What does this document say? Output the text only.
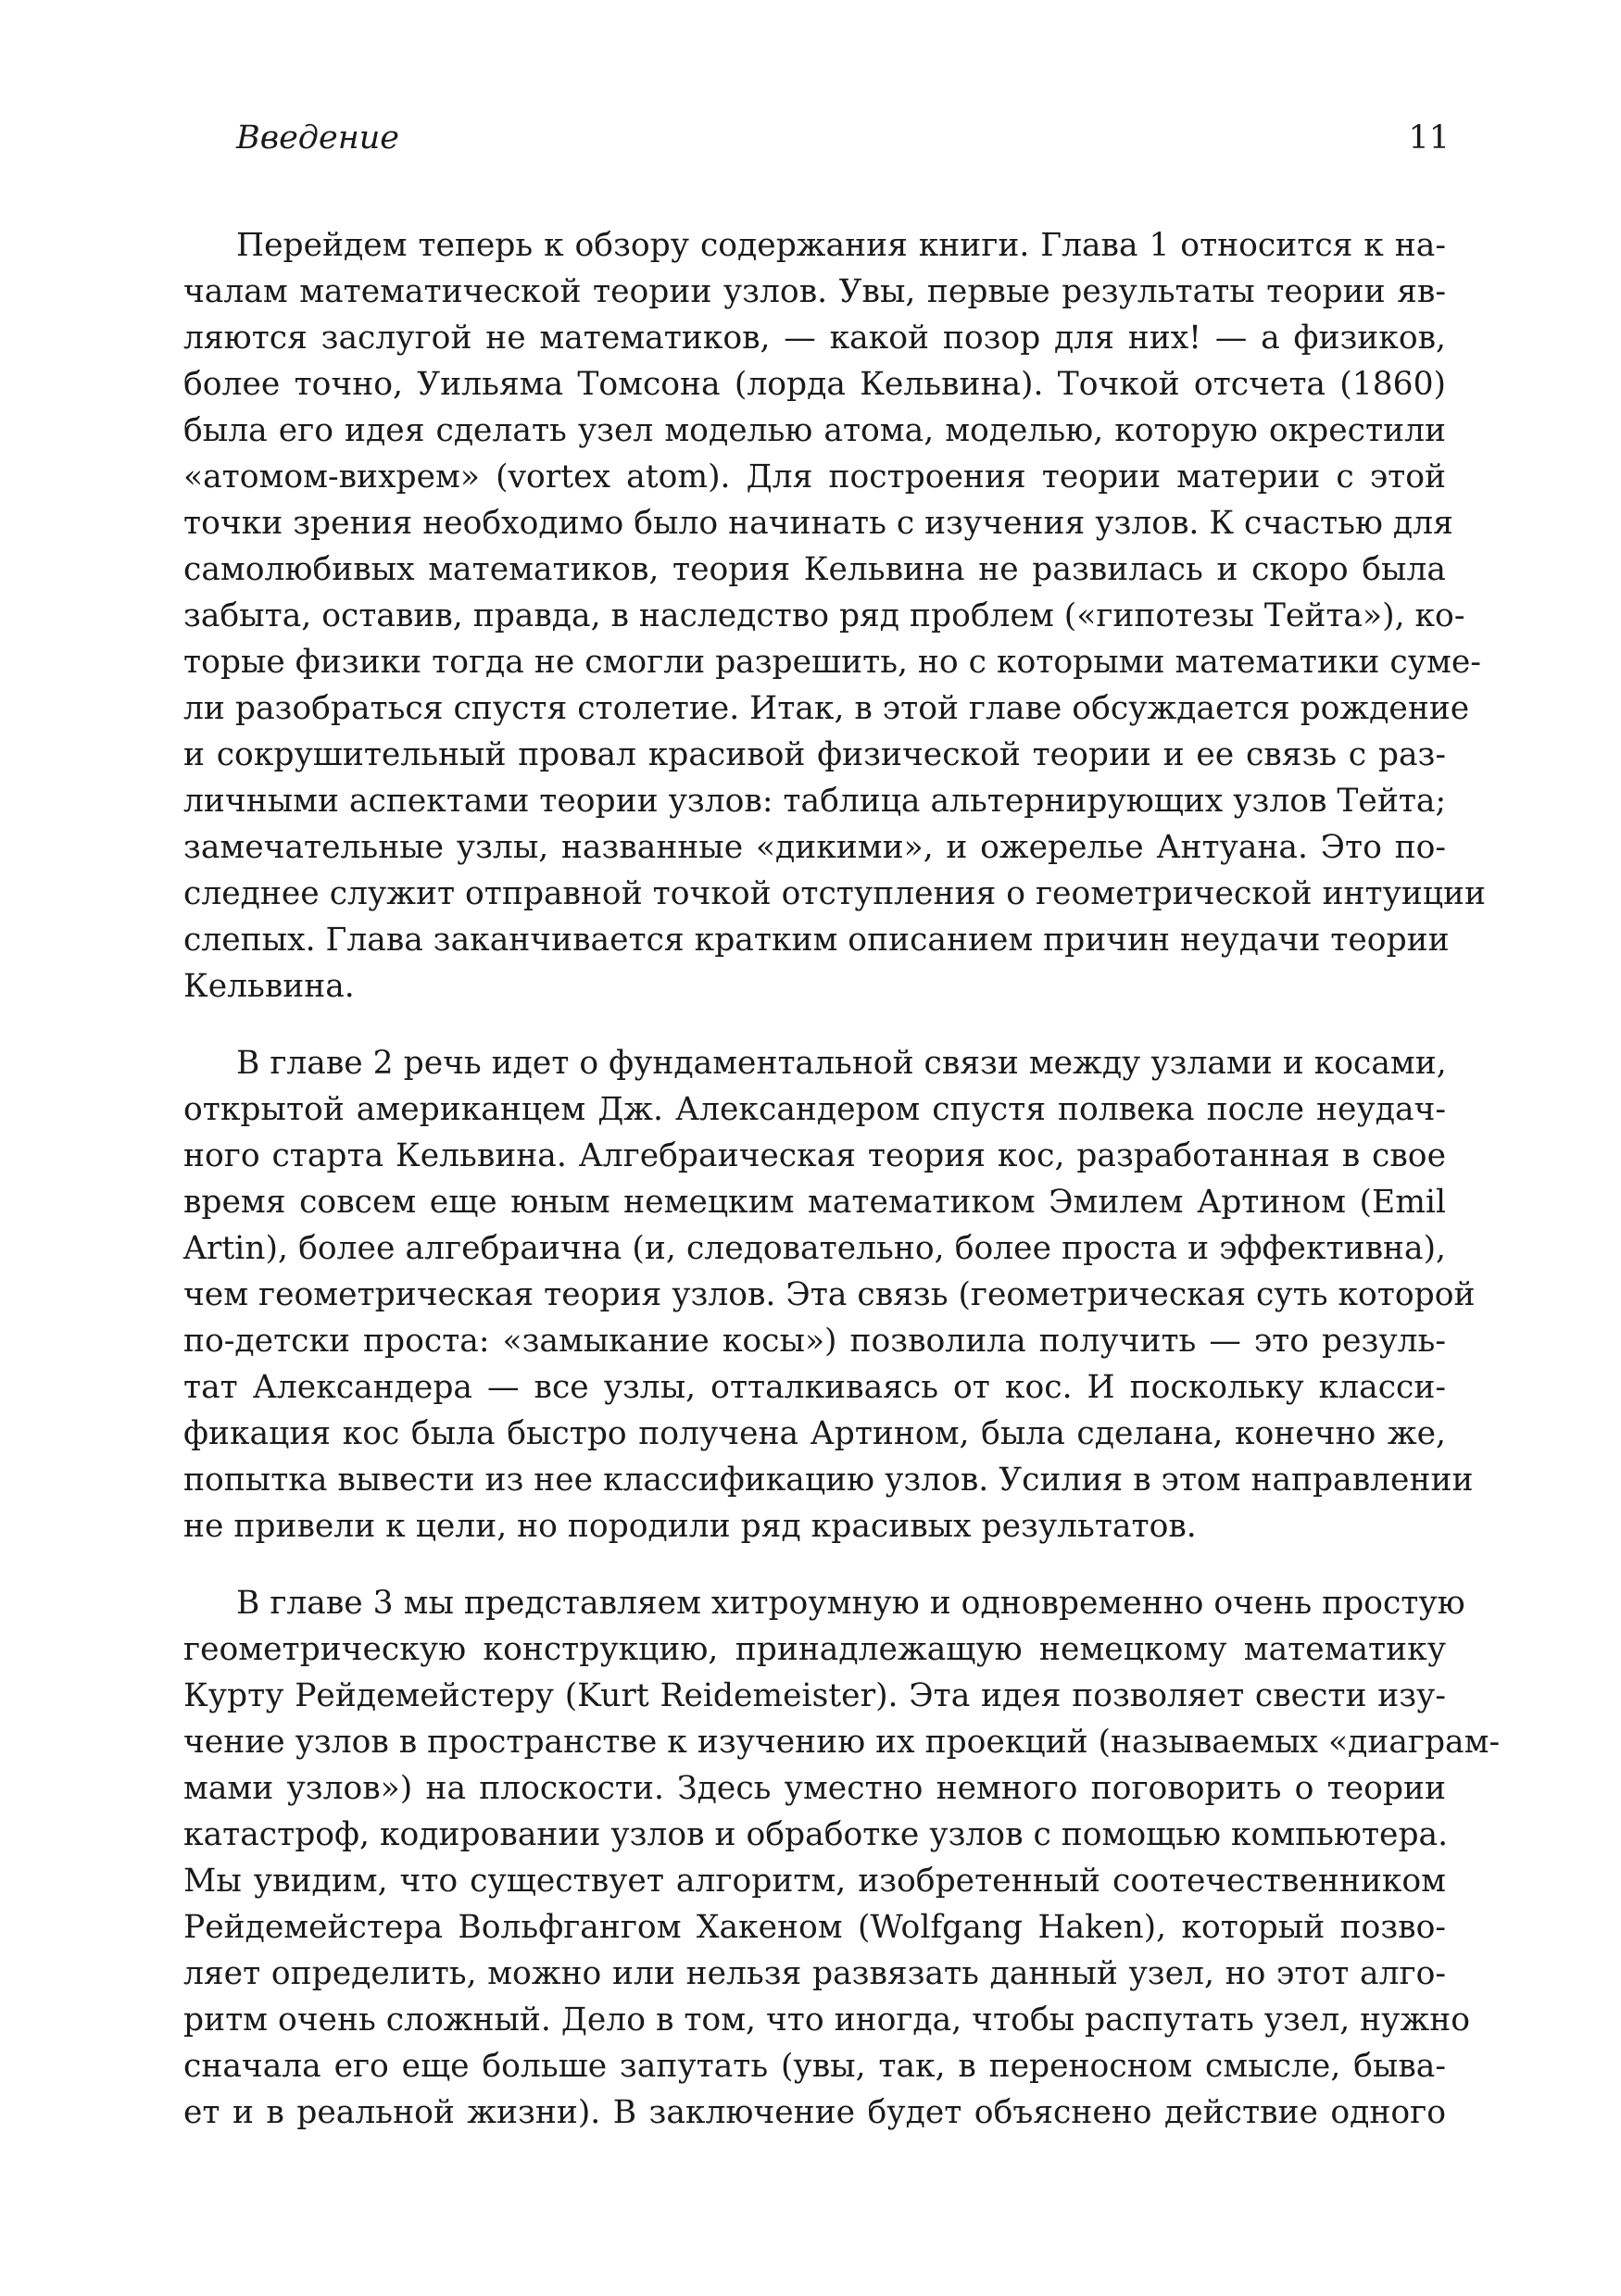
Введение	11

Перейдем теперь к обзору содержания книги. Глава 1 относится к на-
чалам математической теории узлов. Увы, первые результаты теории яв-
ляются заслугой не математиков, — какой позор для них! — а физиков,
более точно, Уильяма Томсона (лорда Кельвина). Точкой отсчета (1860)
была его идея сделать узел моделью атома, моделью, которую окрестили
«атомом-вихрем» (vortex atom). Для построения теории материи с этой
точки зрения необходимо было начинать с изучения узлов. К счастью для
самолюбивых математиков, теория Кельвина не развилась и скоро была
забыта, оставив, правда, в наследство ряд проблем («гипотезы Тейта»), ко-
торые физики тогда не смогли разрешить, но с которыми математики суме-
ли разобраться спустя столетие. Итак, в этой главе обсуждается рождение
и сокрушительный провал красивой физической теории и ее связь с раз-
личными аспектами теории узлов: таблица альтернирующих узлов Тейта;
замечательные узлы, названные «дикими», и ожерелье Антуана. Это по-
следнее служит отправной точкой отступления о геометрической интуиции
слепых. Глава заканчивается кратким описанием причин неудачи теории
Кельвина.

В главе 2 речь идет о фундаментальной связи между узлами и косами,
открытой американцем Дж. Александером спустя полвека после неудач-
ного старта Кельвина. Алгебраическая теория кос, разработанная в свое
время совсем еще юным немецким математиком Эмилем Артином (Emil
Artin), более алгебраична (и, следовательно, более проста и эффективна),
чем геометрическая теория узлов. Эта связь (геометрическая суть которой
по-детски проста: «замыкание косы») позволила получить — это резуль-
тат Александера — все узлы, отталкиваясь от кос. И поскольку класси-
фикация кос была быстро получена Артином, была сделана, конечно же,
попытка вывести из нее классификацию узлов. Усилия в этом направлении
не привели к цели, но породили ряд красивых результатов.

В главе 3 мы представляем хитроумную и одновременно очень простую
геометрическую конструкцию, принадлежащую немецкому математику
Курту Рейдемейстеру (Kurt Reidemeister). Эта идея позволяет свести изу-
чение узлов в пространстве к изучению их проекций (называемых «диаграм-
мами узлов») на плоскости. Здесь уместно немного поговорить о теории
катастроф, кодировании узлов и обработке узлов с помощью компьютера.
Мы увидим, что существует алгоритм, изобретенный соотечественником
Рейдемейстера Вольфгангом Хакеном (Wolfgang Haken), который позво-
ляет определить, можно или нельзя развязать данный узел, но этот алго-
ритм очень сложный. Дело в том, что иногда, чтобы распутать узел, нужно
сначала его еще больше запутать (увы, так, в переносном смысле, быва-
ет и в реальной жизни). В заключение будет объяснено действие одного
